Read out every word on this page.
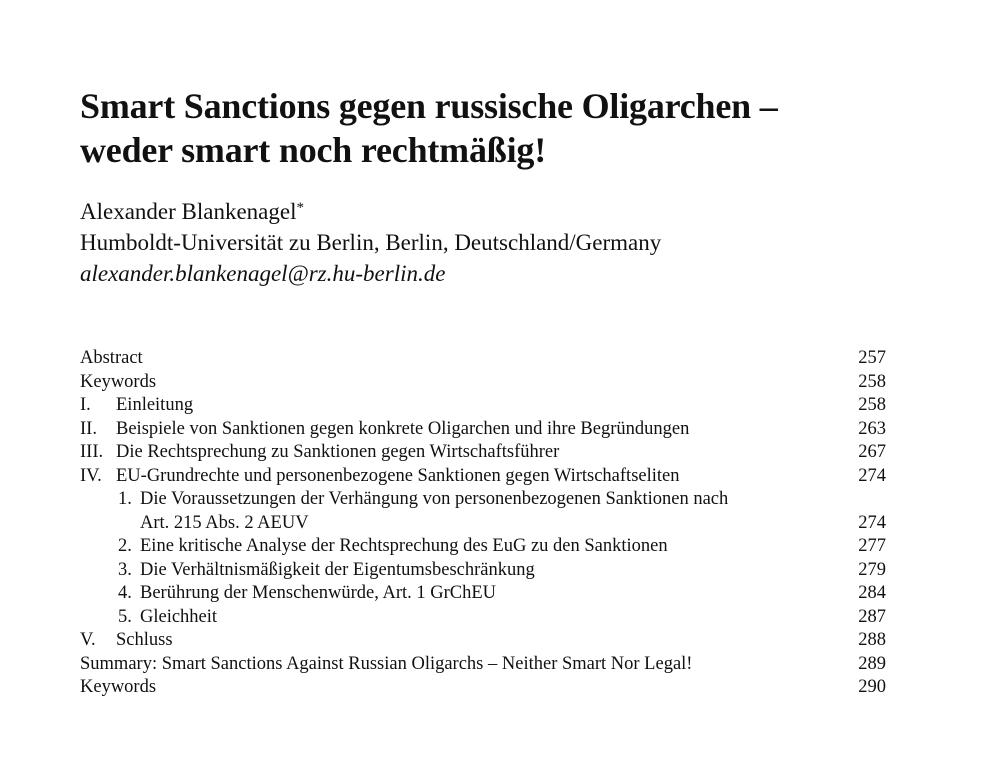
Smart Sanctions gegen russische Oligarchen –
weder smart noch rechtmäßig!
Alexander Blankenagel*
Humboldt-Universität zu Berlin, Berlin, Deutschland/Germany
alexander.blankenagel@rz.hu-berlin.de
Abstract	257
Keywords	258
I. Einleitung	258
II. Beispiele von Sanktionen gegen konkrete Oligarchen und ihre Begründungen	263
III. Die Rechtsprechung zu Sanktionen gegen Wirtschaftsführer	267
IV. EU-Grundrechte und personenbezogene Sanktionen gegen Wirtschaftseliten	274
1. Die Voraussetzungen der Verhängung von personenbezogenen Sanktionen nach
Art. 215 Abs. 2 AEUV	274
2. Eine kritische Analyse der Rechtsprechung des EuG zu den Sanktionen	277
3. Die Verhältnismäßigkeit der Eigentumsbeschränkung	279
4. Berührung der Menschenwürde, Art. 1 GrChEU	284
5. Gleichheit	287
V. Schluss	288
Summary: Smart Sanctions Against Russian Oligarchs – Neither Smart Nor Legal!	289
Keywords	290
